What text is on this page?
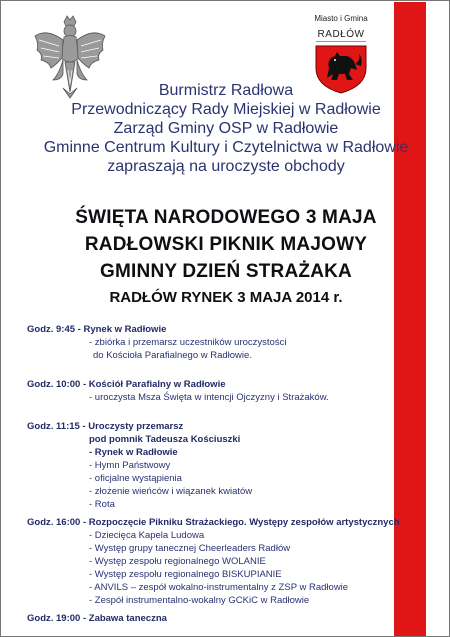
Miasto i Gmina
RADŁÓW
Burmistrz Radłowa
Przewodniczący Rady Miejskiej w Radłowie
Zarząd Gminy OSP w Radłowie
Gminne Centrum Kultury i Czytelnictwa w Radłowie
zapraszają na uroczyste obchody
ŚWIĘTA NARODOWEGO 3 MAJA
RADŁOWSKI PIKNIK MAJOWY
GMINNY DZIEŃ STRAŻAKA
RADŁÓW RYNEK 3 MAJA 2014 r.
Godz. 9:45 - Rynek w Radłowie
- zbiórka i przemarsz uczestników uroczystości
do Kościoła Parafialnego w Radłowie.
Godz. 10:00 - Kościół Parafialny w Radłowie
- uroczysta Msza Święta w intencji Ojczyzny i Strażaków.
Godz. 11:15 - Uroczysty przemarsz
pod pomnik Tadeusza Kościuszki
- Rynek w Radłowie
- Hymn Państwowy
- oficjalne wystąpienia
- złożenie wieńców i wiązanek kwiatów
- Rota
Godz. 16:00 - Rozpoczęcie Pikniku Strażackiego. Występy zespołów artystycznych
- Dziecięca Kapela Ludowa
- Występ grupy tanecznej Cheerleaders Radłów
- Występ zespołu regionalnego WOLANIE
- Występ zespołu regionalnego BISKUPIANIE
- ANVILS – zespół wokalno-instrumentalny z ZSP w Radłowie
- Zespół instrumentalno-wokalny GCKiC w Radłowie
Godz. 19:00 - Zabawa taneczna
